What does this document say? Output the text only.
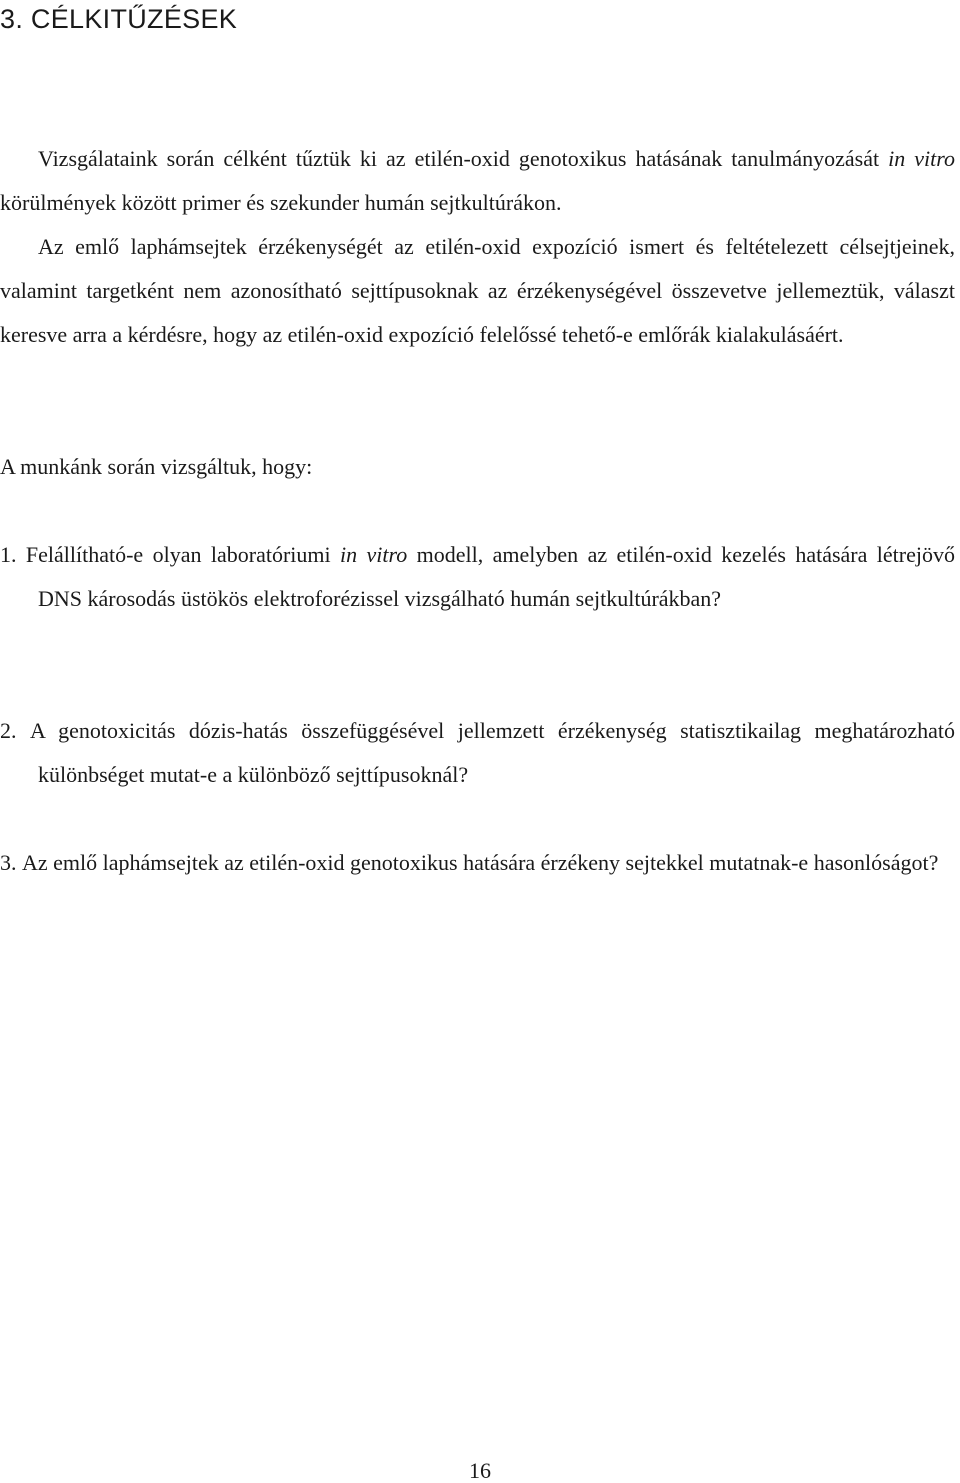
3. CÉLKITŰZÉSEK

Vizsgálataink során célként tűztük ki az etilén-oxid genotoxikus hatásának tanulmányozását in vitro körülmények között primer és szekunder humán sejtkultúrákon.

Az emlő laphámsejtek érzékenységét az etilén-oxid expozíció ismert és feltételezett célsejtjeinek, valamint targetként nem azonosítható sejttípusoknak az érzékenységével összevetve jellemeztük, választ keresve arra a kérdésre, hogy az etilén-oxid expozíció felelőssé tehető-e emlőrák kialakulásáért.

A munkánk során vizsgáltuk, hogy:

1. Felállítható-e olyan laboratóriumi in vitro modell, amelyben az etilén-oxid kezelés hatására létrejövő DNS károsodás üstökös elektroforézissel vizsgálható humán sejtkultúrákban?

2. A genotoxicitás dózis-hatás összefüggésével jellemzett érzékenység statisztikailag meghatározható különbséget mutat-e a különböző sejttípusoknál?

3. Az emlő laphámsejtek az etilén-oxid genotoxikus hatására érzékeny sejtekkel mutatnak-e hasonlóságot?

16
